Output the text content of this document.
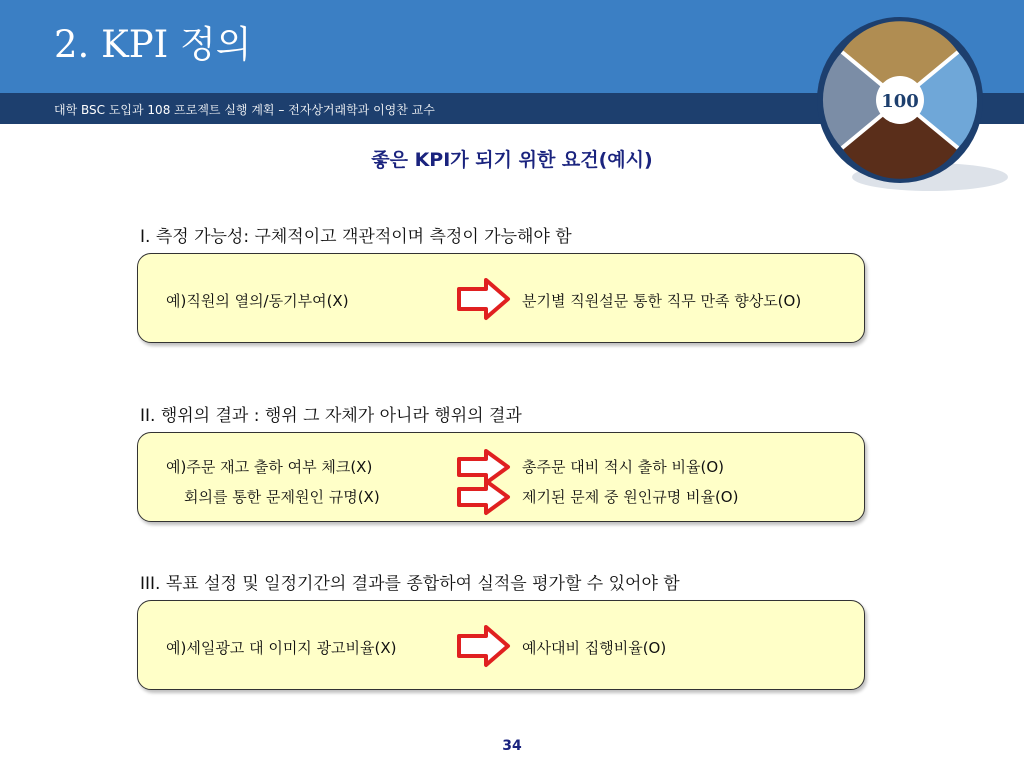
2. KPI 정의
대학 BSC 도입과 108 프로젝트 실행 계획 – 전자상거래학과 이영찬 교수	100
좋은 KPI가 되기 위한 요건(예시)
I. 측정 가능성: 구체적이고 객관적이며 측정이 가능해야 함
예)직원의 열의/동기부여(X)	분기별 직원설문 통한 직무 만족 향상도(O)
II. 행위의 결과 : 행위 그 자체가 아니라 행위의 결과
예)주문 재고 출하 여부 체크(X)	총주문 대비 적시 출하 비율(O)
회의를 통한 문제원인 규명(X)	제기된 문제 중 원인규명 비율(O)
III. 목표 설정 및 일정기간의 결과를 종합하여 실적을 평가할 수 있어야 함
예)세일광고 대 이미지 광고비율(X)	예사대비 집행비율(O)
34
